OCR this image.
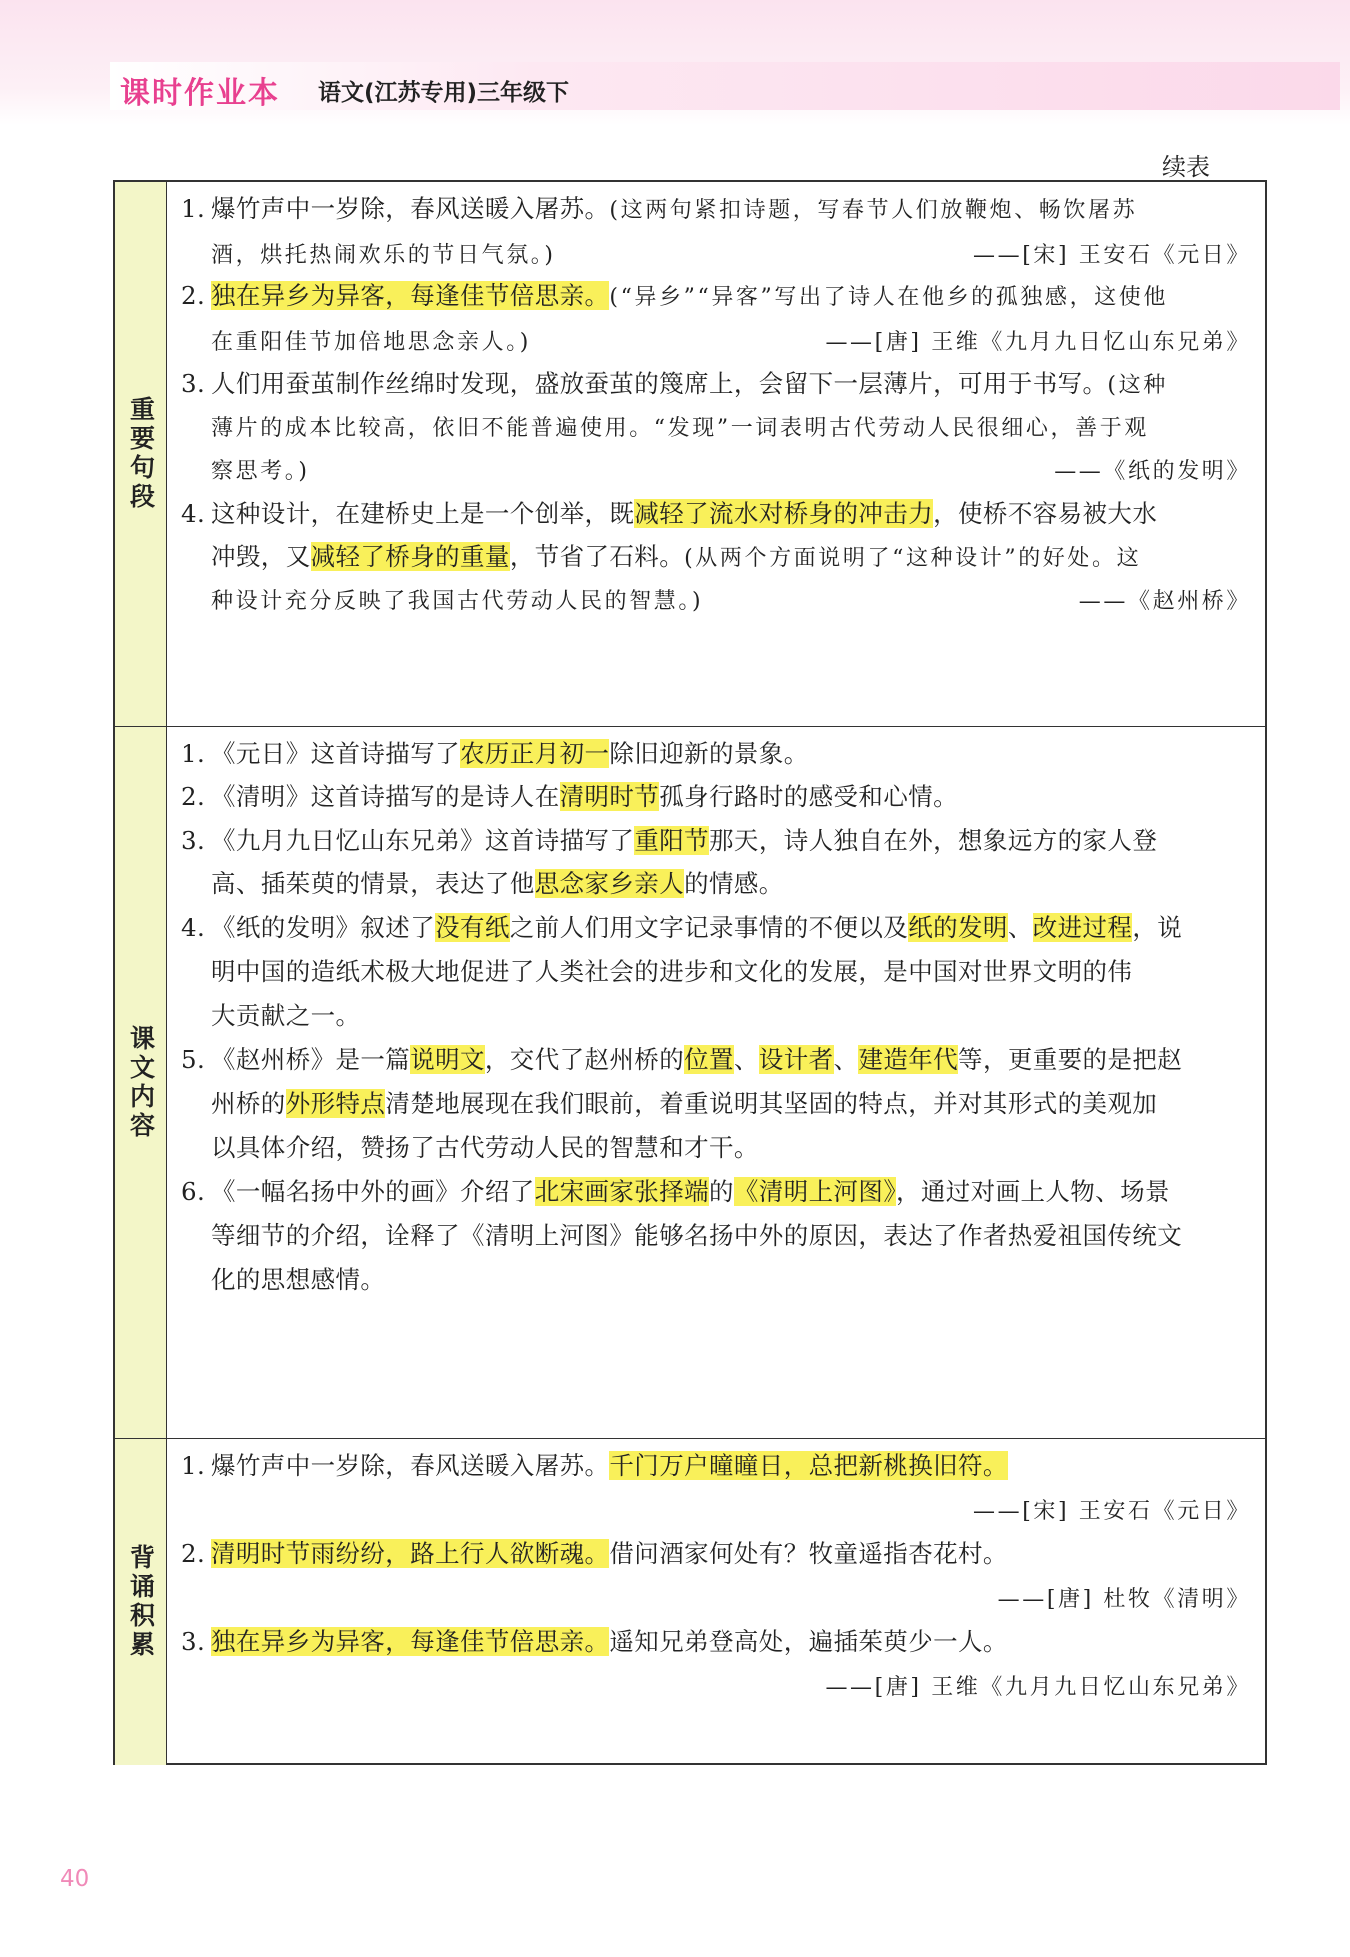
课时作业本 语文(江苏专用)三年级下
续表
重要句段
1. 爆竹声中一岁除，春风送暖入屠苏。(这两句紧扣诗题，写春节人们放鞭炮、畅饮屠苏
酒，烘托热闹欢乐的节日气氛。)	——[宋] 王安石《元日》
2. 独在异乡为异客，每逢佳节倍思亲。(“异乡”“异客”写出了诗人在他乡的孤独感，这使他
在重阳佳节加倍地思念亲人。)	——[唐] 王维《九月九日忆山东兄弟》
3. 人们用蚕茧制作丝绵时发现，盛放蚕茧的篾席上，会留下一层薄片，可用于书写。(这种
薄片的成本比较高，依旧不能普遍使用。“发现”一词表明古代劳动人民很细心，善于观
察思考。)	——《纸的发明》
4. 这种设计，在建桥史上是一个创举，既减轻了流水对桥身的冲击力，使桥不容易被大水
冲毁，又减轻了桥身的重量，节省了石料。(从两个方面说明了“这种设计”的好处。这
种设计充分反映了我国古代劳动人民的智慧。)	——《赵州桥》
课文内容
1. 《元日》这首诗描写了农历正月初一除旧迎新的景象。
2. 《清明》这首诗描写的是诗人在清明时节孤身行路时的感受和心情。
3. 《九月九日忆山东兄弟》这首诗描写了重阳节那天，诗人独自在外，想象远方的家人登
高、插茱萸的情景，表达了他思念家乡亲人的情感。
4. 《纸的发明》叙述了没有纸之前人们用文字记录事情的不便以及纸的发明、改进过程，说
明中国的造纸术极大地促进了人类社会的进步和文化的发展，是中国对世界文明的伟
大贡献之一。
5. 《赵州桥》是一篇说明文，交代了赵州桥的位置、设计者、建造年代等，更重要的是把赵
州桥的外形特点清楚地展现在我们眼前，着重说明其坚固的特点，并对其形式的美观加
以具体介绍，赞扬了古代劳动人民的智慧和才干。
6. 《一幅名扬中外的画》介绍了北宋画家张择端的《清明上河图》，通过对画上人物、场景
等细节的介绍，诠释了《清明上河图》能够名扬中外的原因，表达了作者热爱祖国传统文
化的思想感情。
背诵积累
1. 爆竹声中一岁除，春风送暖入屠苏。千门万户曈曈日，总把新桃换旧符。
——[宋] 王安石《元日》
2. 清明时节雨纷纷，路上行人欲断魂。借问酒家何处有？牧童遥指杏花村。
——[唐] 杜牧《清明》
3. 独在异乡为异客，每逢佳节倍思亲。遥知兄弟登高处，遍插茱萸少一人。
——[唐] 王维《九月九日忆山东兄弟》
40
